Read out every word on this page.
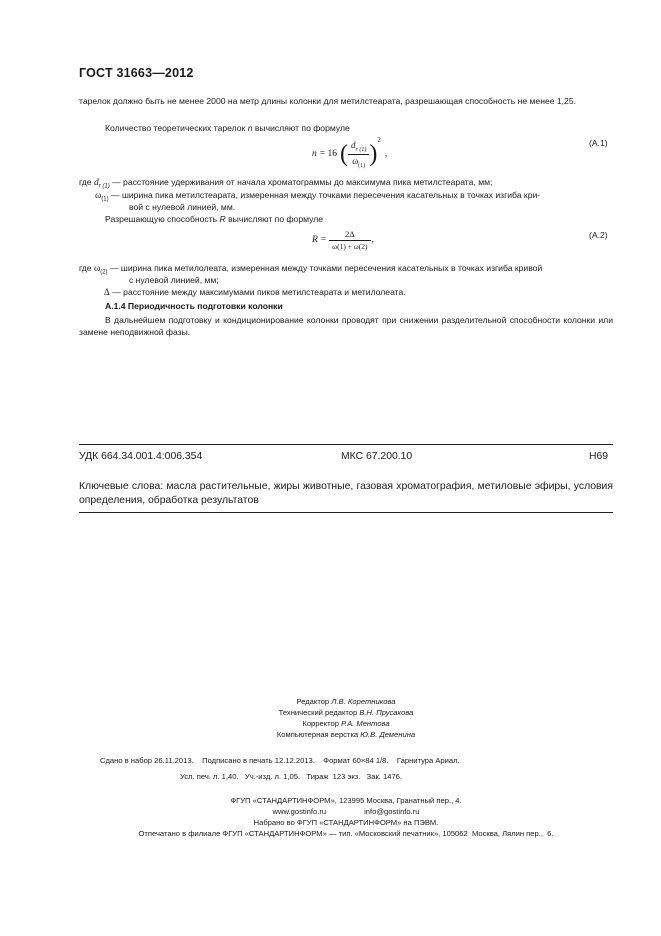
ГОСТ 31663—2012
тарелок должно быть не менее 2000 на метр длины колонки для метилстеарата, разрешающая способность не менее 1,25.
Количество теоретических тарелок n вычисляют по формуле
n = 16 ( $\frac{d_{r (1)}}{\omega_{(1)}}$ )
$^2$
,
(А.1)
где $d_{r (1)}$ — расстояние удерживания от начала хроматограммы до максимума пика метилстеарата, мм;
$\omega_{(1)}$ — ширина пика метилстеарата, измеренная между точками пересечения касательных в точках изгиба кри-
вой с нулевой линией, мм.
Разрешающую способность R вычисляют по формуле
$R = \frac{2\Delta}{\omega(1) + \omega(2)}$ ,	(А.2)
где $\omega_{(2)}$ — ширина пика метилолеата, измеренная между точками пересечения касательных в точках изгиба кривой
с нулевой линией, мм;
Δ — расстояние между максимумами пиков метилстеарата и метилолеата.
А.1.4 Периодичность подготовки колонки
В дальнейшем подготовку и кондиционирование колонки проводят при снижении разделительной способности колонки или замене неподвижной фазы.
УДК 664.34.001.4:006.354	МКС 67.200.10	Н69
Ключевые слова: масла растительные, жиры животные, газовая хроматография, метиловые эфиры, условия определения, обработка результатов
Редактор Л.В. Коретникова
Технический редактор В.Н. Прусакова
Корректор Р.А. Ментова
Компьютерная верстка Ю.В. Деменина
Сдано в набор 26.11.2013.    Подписано в печать 12.12.2013.    Формат 60×84 1/8.    Гарнитура Ариал.
Усл. печ. л. 1,40.   Уч.-изд. л. 1,05.   Тираж  123 экз.   Зак. 1476.
ФГУП «СТАНДАРТИНФОРМ», 123995 Москва, Гранатный пер., 4.
www.gostinfo.ru                  info@gostinfo.ru
Набрано во ФГУП «СТАНДАРТИНФОРМ» на ПЭВМ.
Отпечатано в филиале ФГУП «СТАНДАРТИНФОРМ» — тип. «Московский печатник», 105062  Москва, Лялин пер.,  6.
